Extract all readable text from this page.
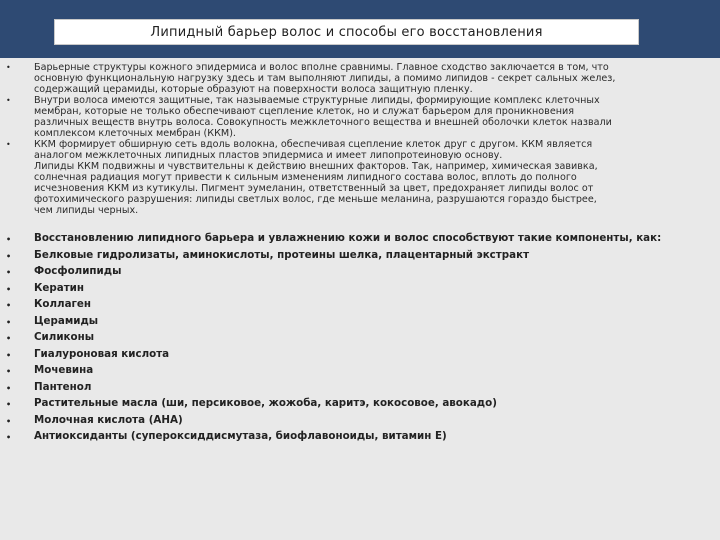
Липидный барьер волос и способы его восстановления
• Барьерные структуры кожного эпидермиса и волос вполне сравнимы. Главное сходство заключается в том, что
основную функциональную нагрузку здесь и там выполняют липиды, а помимо липидов - секрет сальных желез,
содержащий церамиды, которые образуют на поверхности волоса защитную пленку.
• Внутри волоса имеются защитные, так называемые структурные липиды, формирующие комплекс клеточных
мембран, которые не только обеспечивают сцепление клеток, но и служат барьером для проникновения
различных веществ внутрь волоса. Совокупность межклеточного вещества и внешней оболочки клеток назвали
комплексом клеточных мембран (ККМ).
• ККМ формирует обширную сеть вдоль волокна, обеспечивая сцепление клеток друг с другом. ККМ является
аналогом межклеточных липидных пластов эпидермиса и имеет липопротеиновую основу.
Липиды ККМ подвижны и чувствительны к действию внешних факторов. Так, например, химическая завивка,
солнечная радиация могут привести к сильным изменениям липидного состава волос, вплоть до полного
исчезновения ККМ из кутикулы. Пигмент эумеланин, ответственный за цвет, предохраняет липиды волос от
фотохимического разрушения: липиды светлых волос, где меньше меланина, разрушаются гораздо быстрее,
чем липиды черных.
• Восстановлению липидного барьера и увлажнению кожи и волос способствуют такие компоненты, как:
• Белковые гидролизаты, аминокислоты, протеины шелка, плацентарный экстракт
• Фосфолипиды
• Кератин
• Коллаген
• Церамиды
• Силиконы
• Гиалуроновая кислота
• Мочевина
• Пантенол
• Растительные масла (ши, персиковое, жожоба, каритэ, кокосовое, авокадо)
• Молочная кислота (АНА)
• Антиоксиданты (супероксиддисмутаза, биофлавоноиды, витамин Е)
